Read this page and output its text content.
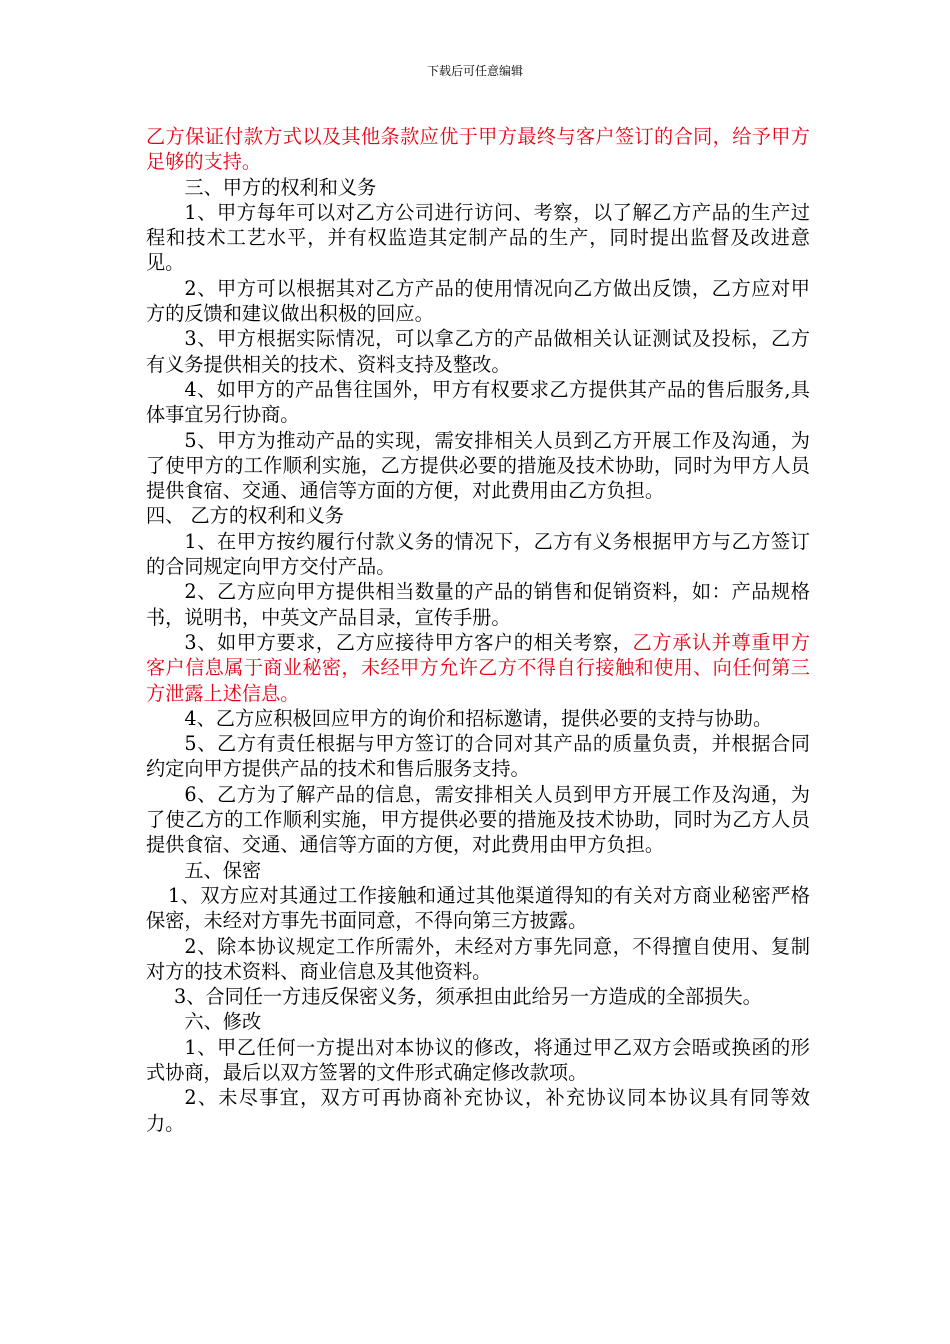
下载后可任意编辑

乙方保证付款方式以及其他条款应优于甲方最终与客户签订的合同，给予甲方足够的支持。

三、甲方的权利和义务

1、甲方每年可以对乙方公司进行访问、考察，以了解乙方产品的生产过程和技术工艺水平，并有权监造其定制产品的生产，同时提出监督及改进意见。

2、甲方可以根据其对乙方产品的使用情况向乙方做出反馈，乙方应对甲方的反馈和建议做出积极的回应。

3、甲方根据实际情况，可以拿乙方的产品做相关认证测试及投标，乙方有义务提供相关的技术、资料支持及整改。

4、如甲方的产品售往国外，甲方有权要求乙方提供其产品的售后服务,具体事宜另行协商。

5、甲方为推动产品的实现，需安排相关人员到乙方开展工作及沟通，为了使甲方的工作顺利实施，乙方提供必要的措施及技术协助，同时为甲方人员提供食宿、交通、通信等方面的方便，对此费用由乙方负担。

四、 乙方的权利和义务

1、在甲方按约履行付款义务的情况下，乙方有义务根据甲方与乙方签订的合同规定向甲方交付产品。

2、乙方应向甲方提供相当数量的产品的销售和促销资料，如：产品规格书，说明书，中英文产品目录，宣传手册。

3、如甲方要求，乙方应接待甲方客户的相关考察，乙方承认并尊重甲方客户信息属于商业秘密，未经甲方允许乙方不得自行接触和使用、向任何第三方泄露上述信息。

4、乙方应积极回应甲方的询价和招标邀请，提供必要的支持与协助。

5、乙方有责任根据与甲方签订的合同对其产品的质量负责，并根据合同约定向甲方提供产品的技术和售后服务支持。

6、乙方为了解产品的信息，需安排相关人员到甲方开展工作及沟通，为了使乙方的工作顺利实施，甲方提供必要的措施及技术协助，同时为乙方人员提供食宿、交通、通信等方面的方便，对此费用由甲方负担。

五、保密

1、双方应对其通过工作接触和通过其他渠道得知的有关对方商业秘密严格保密，未经对方事先书面同意，不得向第三方披露。

2、除本协议规定工作所需外，未经对方事先同意，不得擅自使用、复制对方的技术资料、商业信息及其他资料。

3、合同任一方违反保密义务，须承担由此给另一方造成的全部损失。

六、修改

1、甲乙任何一方提出对本协议的修改，将通过甲乙双方会晤或换函的形式协商，最后以双方签署的文件形式确定修改款项。

2、未尽事宜，双方可再协商补充协议，补充协议同本协议具有同等效力。
